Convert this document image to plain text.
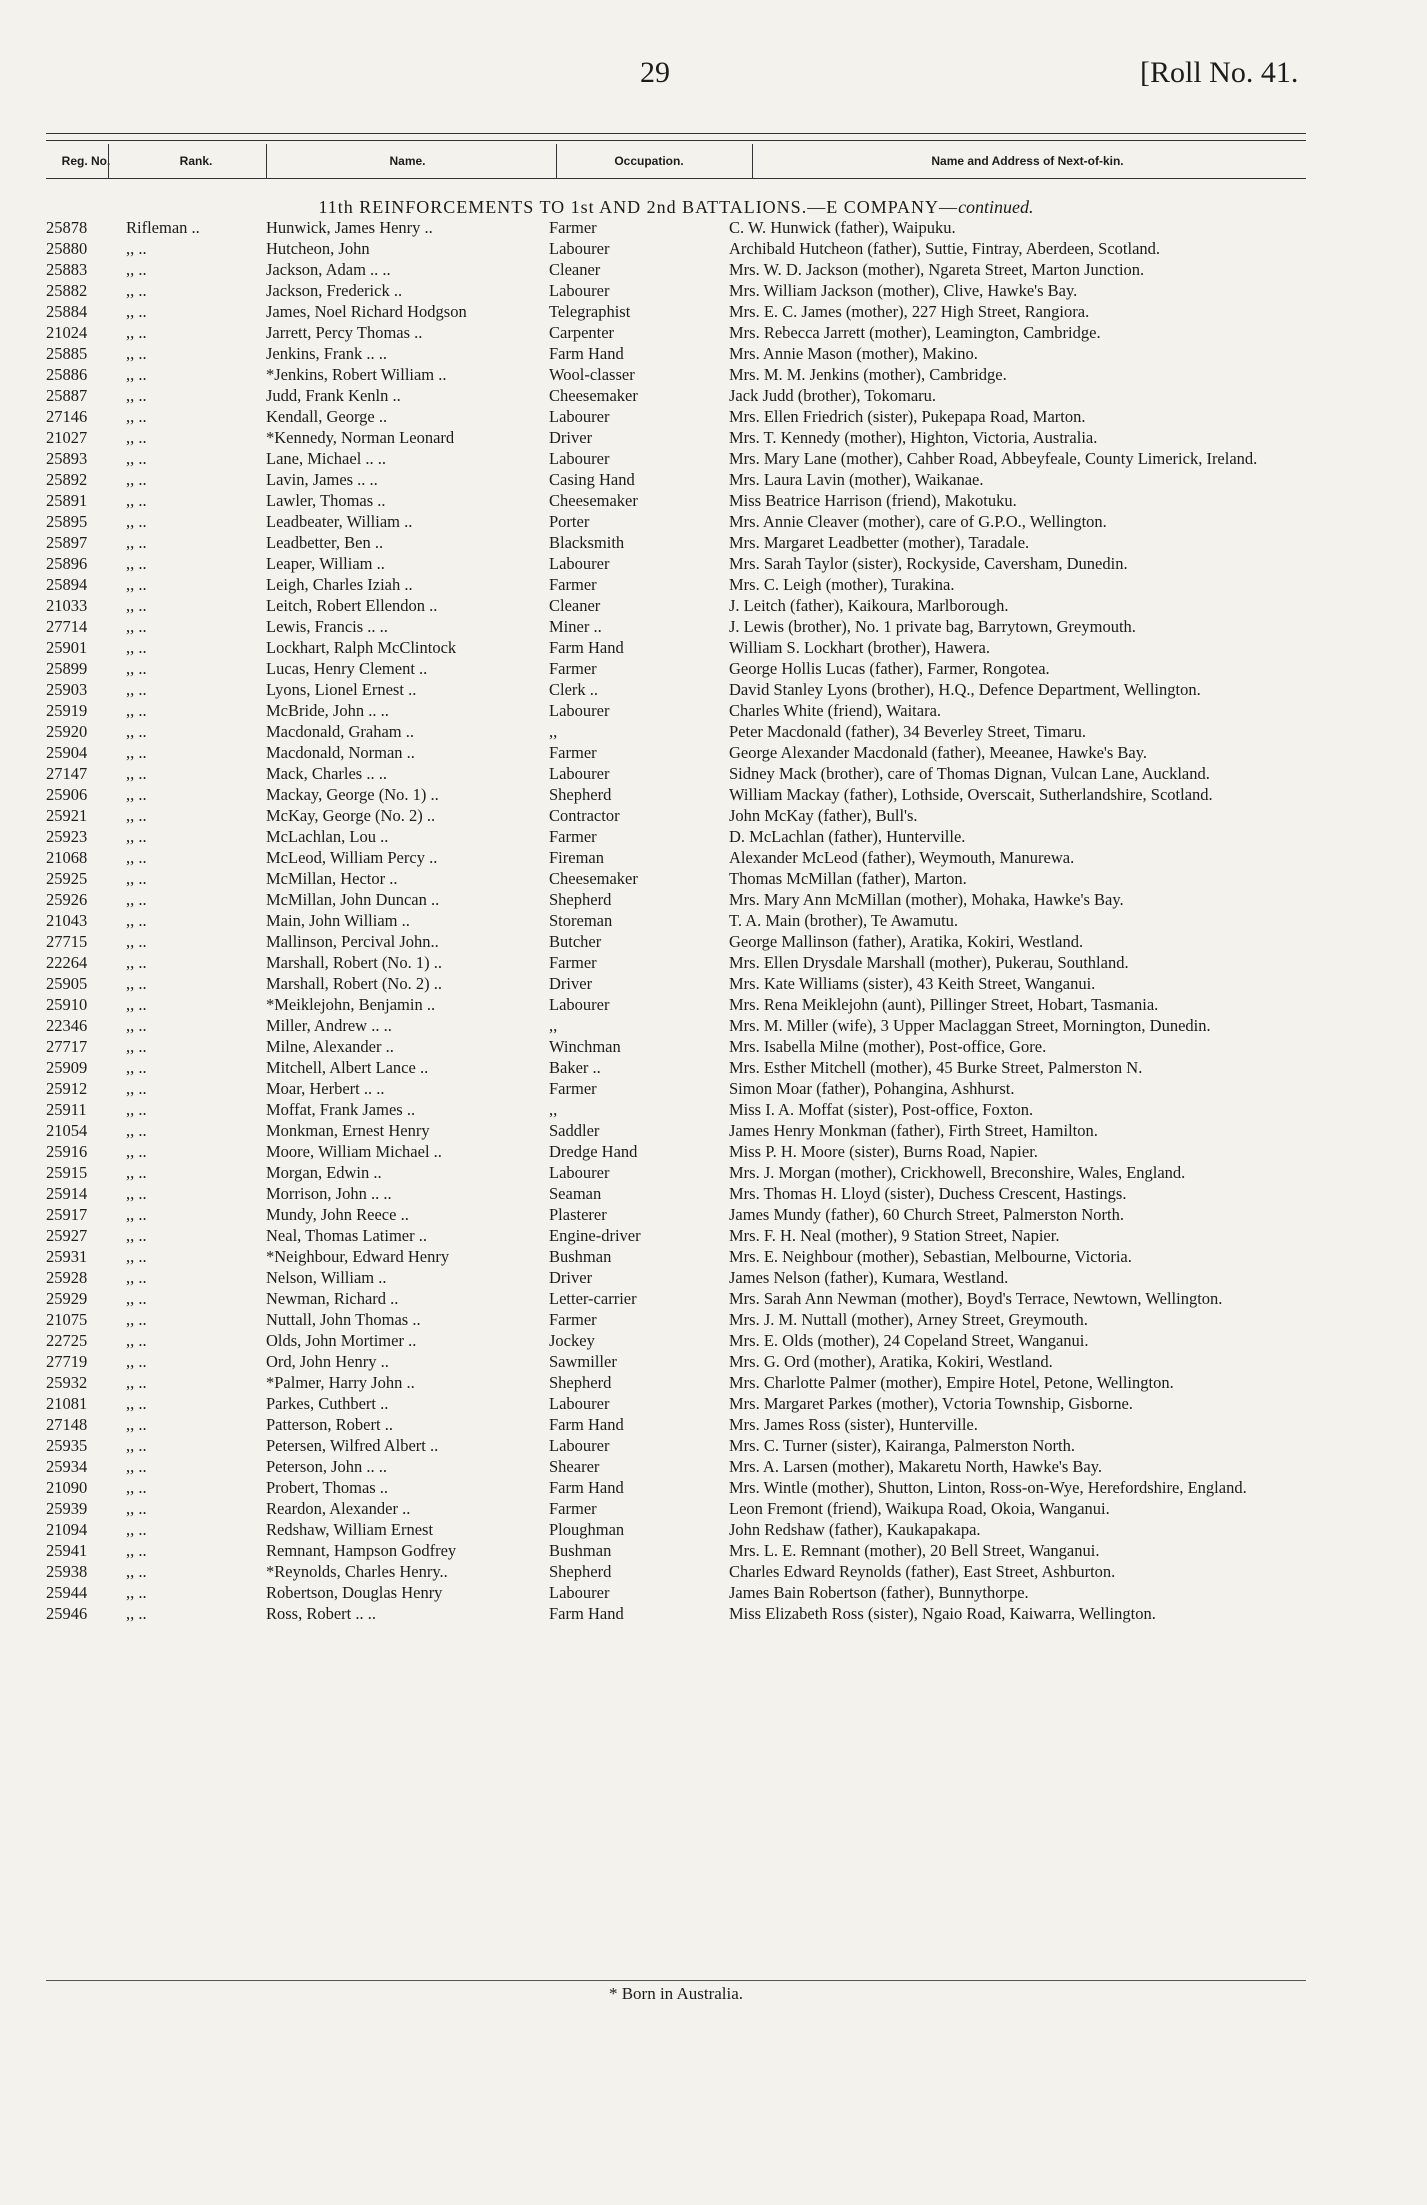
29	[Roll No. 41.
Reg. No.	Rank.	Name.	Occupation.	Name and Address of Next-of-kin.
11th REINFORCEMENTS TO 1st AND 2nd BATTALIONS.—E COMPANY—continued.
25878	Rifleman ..	Hunwick, James Henry ..	Farmer	C. W. Hunwick (father), Waipuku.
25880	,, ..	Hutcheon, John	Labourer	Archibald Hutcheon (father), Suttie, Fintray, Aberdeen, Scotland.
25883	,, ..	Jackson, Adam .. ..	Cleaner	Mrs. W. D. Jackson (mother), Ngareta Street, Marton Junction.
25882	,, ..	Jackson, Frederick ..	Labourer	Mrs. William Jackson (mother), Clive, Hawke's Bay.
25884	,, ..	James, Noel Richard Hodgson	Telegraphist	Mrs. E. C. James (mother), 227 High Street, Rangiora.
21024	,, ..	Jarrett, Percy Thomas ..	Carpenter	Mrs. Rebecca Jarrett (mother), Leamington, Cambridge.
25885	,, ..	Jenkins, Frank .. ..	Farm Hand	Mrs. Annie Mason (mother), Makino.
25886	,, ..	*Jenkins, Robert William ..	Wool-classer	Mrs. M. M. Jenkins (mother), Cambridge.
25887	,, ..	Judd, Frank Kenln ..	Cheesemaker	Jack Judd (brother), Tokomaru.
27146	,, ..	Kendall, George ..	Labourer	Mrs. Ellen Friedrich (sister), Pukepapa Road, Marton.
21027	,, ..	*Kennedy, Norman Leonard	Driver	Mrs. T. Kennedy (mother), Highton, Victoria, Australia.
25893	,, ..	Lane, Michael .. ..	Labourer	Mrs. Mary Lane (mother), Cahber Road, Abbeyfeale, County Limerick, Ireland.
25892	,, ..	Lavin, James .. ..	Casing Hand	Mrs. Laura Lavin (mother), Waikanae.
25891	,, ..	Lawler, Thomas ..	Cheesemaker	Miss Beatrice Harrison (friend), Makotuku.
25895	,, ..	Leadbeater, William ..	Porter	Mrs. Annie Cleaver (mother), care of G.P.O., Wellington.
25897	,, ..	Leadbetter, Ben ..	Blacksmith	Mrs. Margaret Leadbetter (mother), Taradale.
25896	,, ..	Leaper, William ..	Labourer	Mrs. Sarah Taylor (sister), Rockyside, Caversham, Dunedin.
25894	,, ..	Leigh, Charles Iziah ..	Farmer	Mrs. C. Leigh (mother), Turakina.
21033	,, ..	Leitch, Robert Ellendon ..	Cleaner	J. Leitch (father), Kaikoura, Marlborough.
27714	,, ..	Lewis, Francis .. ..	Miner ..	J. Lewis (brother), No. 1 private bag, Barrytown, Greymouth.
25901	,, ..	Lockhart, Ralph McClintock	Farm Hand	William S. Lockhart (brother), Hawera.
25899	,, ..	Lucas, Henry Clement ..	Farmer	George Hollis Lucas (father), Farmer, Rongotea.
25903	,, ..	Lyons, Lionel Ernest ..	Clerk ..	David Stanley Lyons (brother), H.Q., Defence Department, Wellington.
25919	,, ..	McBride, John .. ..	Labourer	Charles White (friend), Waitara.
25920	,, ..	Macdonald, Graham ..	,,	Peter Macdonald (father), 34 Beverley Street, Timaru.
25904	,, ..	Macdonald, Norman ..	Farmer	George Alexander Macdonald (father), Meeanee, Hawke's Bay.
27147	,, ..	Mack, Charles .. ..	Labourer	Sidney Mack (brother), care of Thomas Dignan, Vulcan Lane, Auckland.
25906	,, ..	Mackay, George (No. 1) ..	Shepherd	William Mackay (father), Lothside, Overscait, Sutherlandshire, Scotland.
25921	,, ..	McKay, George (No. 2) ..	Contractor	John McKay (father), Bull's.
25923	,, ..	McLachlan, Lou ..	Farmer	D. McLachlan (father), Hunterville.
21068	,, ..	McLeod, William Percy ..	Fireman	Alexander McLeod (father), Weymouth, Manurewa.
25925	,, ..	McMillan, Hector ..	Cheesemaker	Thomas McMillan (father), Marton.
25926	,, ..	McMillan, John Duncan ..	Shepherd	Mrs. Mary Ann McMillan (mother), Mohaka, Hawke's Bay.
21043	,, ..	Main, John William ..	Storeman	T. A. Main (brother), Te Awamutu.
27715	,, ..	Mallinson, Percival John..	Butcher	George Mallinson (father), Aratika, Kokiri, Westland.
22264	,, ..	Marshall, Robert (No. 1) ..	Farmer	Mrs. Ellen Drysdale Marshall (mother), Pukerau, Southland.
25905	,, ..	Marshall, Robert (No. 2) ..	Driver	Mrs. Kate Williams (sister), 43 Keith Street, Wanganui.
25910	,, ..	*Meiklejohn, Benjamin ..	Labourer	Mrs. Rena Meiklejohn (aunt), Pillinger Street, Hobart, Tasmania.
22346	,, ..	Miller, Andrew .. ..	,,	Mrs. M. Miller (wife), 3 Upper Maclaggan Street, Mornington, Dunedin.
27717	,, ..	Milne, Alexander ..	Winchman	Mrs. Isabella Milne (mother), Post-office, Gore.
25909	,, ..	Mitchell, Albert Lance ..	Baker ..	Mrs. Esther Mitchell (mother), 45 Burke Street, Palmerston N.
25912	,, ..	Moar, Herbert .. ..	Farmer	Simon Moar (father), Pohangina, Ashhurst.
25911	,, ..	Moffat, Frank James ..	,,	Miss I. A. Moffat (sister), Post-office, Foxton.
21054	,, ..	Monkman, Ernest Henry	Saddler	James Henry Monkman (father), Firth Street, Hamilton.
25916	,, ..	Moore, William Michael ..	Dredge Hand	Miss P. H. Moore (sister), Burns Road, Napier.
25915	,, ..	Morgan, Edwin ..	Labourer	Mrs. J. Morgan (mother), Crickhowell, Breconshire, Wales, England.
25914	,, ..	Morrison, John .. ..	Seaman	Mrs. Thomas H. Lloyd (sister), Duchess Crescent, Hastings.
25917	,, ..	Mundy, John Reece ..	Plasterer	James Mundy (father), 60 Church Street, Palmerston North.
25927	,, ..	Neal, Thomas Latimer ..	Engine-driver	Mrs. F. H. Neal (mother), 9 Station Street, Napier.
25931	,, ..	*Neighbour, Edward Henry	Bushman	Mrs. E. Neighbour (mother), Sebastian, Melbourne, Victoria.
25928	,, ..	Nelson, William ..	Driver	James Nelson (father), Kumara, Westland.
25929	,, ..	Newman, Richard ..	Letter-carrier	Mrs. Sarah Ann Newman (mother), Boyd's Terrace, Newtown, Wellington.
21075	,, ..	Nuttall, John Thomas ..	Farmer	Mrs. J. M. Nuttall (mother), Arney Street, Greymouth.
22725	,, ..	Olds, John Mortimer ..	Jockey	Mrs. E. Olds (mother), 24 Copeland Street, Wanganui.
27719	,, ..	Ord, John Henry ..	Sawmiller	Mrs. G. Ord (mother), Aratika, Kokiri, Westland.
25932	,, ..	*Palmer, Harry John ..	Shepherd	Mrs. Charlotte Palmer (mother), Empire Hotel, Petone, Wellington.
21081	,, ..	Parkes, Cuthbert ..	Labourer	Mrs. Margaret Parkes (mother), Vctoria Township, Gisborne.
27148	,, ..	Patterson, Robert ..	Farm Hand	Mrs. James Ross (sister), Hunterville.
25935	,, ..	Petersen, Wilfred Albert ..	Labourer	Mrs. C. Turner (sister), Kairanga, Palmerston North.
25934	,, ..	Peterson, John .. ..	Shearer	Mrs. A. Larsen (mother), Makaretu North, Hawke's Bay.
21090	,, ..	Probert, Thomas ..	Farm Hand	Mrs. Wintle (mother), Shutton, Linton, Ross-on-Wye, Herefordshire, England.
25939	,, ..	Reardon, Alexander ..	Farmer	Leon Fremont (friend), Waikupa Road, Okoia, Wanganui.
21094	,, ..	Redshaw, William Ernest	Ploughman	John Redshaw (father), Kaukapakapa.
25941	,, ..	Remnant, Hampson Godfrey	Bushman	Mrs. L. E. Remnant (mother), 20 Bell Street, Wanganui.
25938	,, ..	*Reynolds, Charles Henry..	Shepherd	Charles Edward Reynolds (father), East Street, Ashburton.
25944	,, ..	Robertson, Douglas Henry	Labourer	James Bain Robertson (father), Bunnythorpe.
25946	,, ..	Ross, Robert .. ..	Farm Hand	Miss Elizabeth Ross (sister), Ngaio Road, Kaiwarra, Wellington.
* Born in Australia.
